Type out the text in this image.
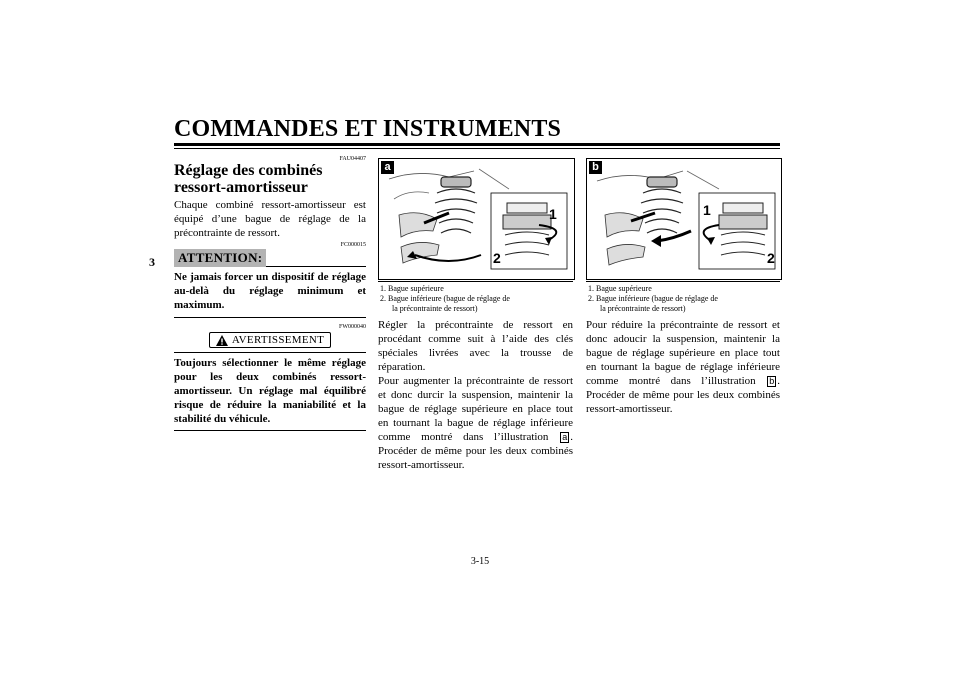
COMMANDES ET INSTRUMENTS
3
FAU04407
Réglage des combinés ressort-amortisseur
Chaque combiné ressort-amortisseur est équipé d’une bague de réglage de la précontrainte de ressort.
FC000015
ATTENTION:
Ne jamais forcer un dispositif de réglage au-delà du réglage minimum et maximum.
FW000040
AVERTISSEMENT
Toujours sélectionner le même réglage pour les deux combinés ressort-amortisseur. Un réglage mal équilibré risque de réduire la maniabilité et la stabilité du véhicule.
a
1
2
1. Bague supérieure
2. Bague inférieure (bague de réglage de
la précontrainte de ressort)
Régler la précontrainte de ressort en procédant comme suit à l’aide des clés spéciales livrées avec la trousse de réparation.
Pour augmenter la précontrainte de ressort et donc durcir la suspension, maintenir la bague de réglage supérieure en place tout en tournant la bague de réglage inférieure comme montré dans l’illustration a . Procéder de même pour les deux combinés ressort-amortisseur.
b
1
2
1. Bague supérieure
2. Bague inférieure (bague de réglage de
la précontrainte de ressort)
Pour réduire la précontrainte de ressort et donc adoucir la suspension, maintenir la bague de réglage supérieure en place tout en tournant la bague de réglage inférieure comme montré dans l’illustration b . Procéder de même pour les deux combinés ressort-amortisseur.
3-15
